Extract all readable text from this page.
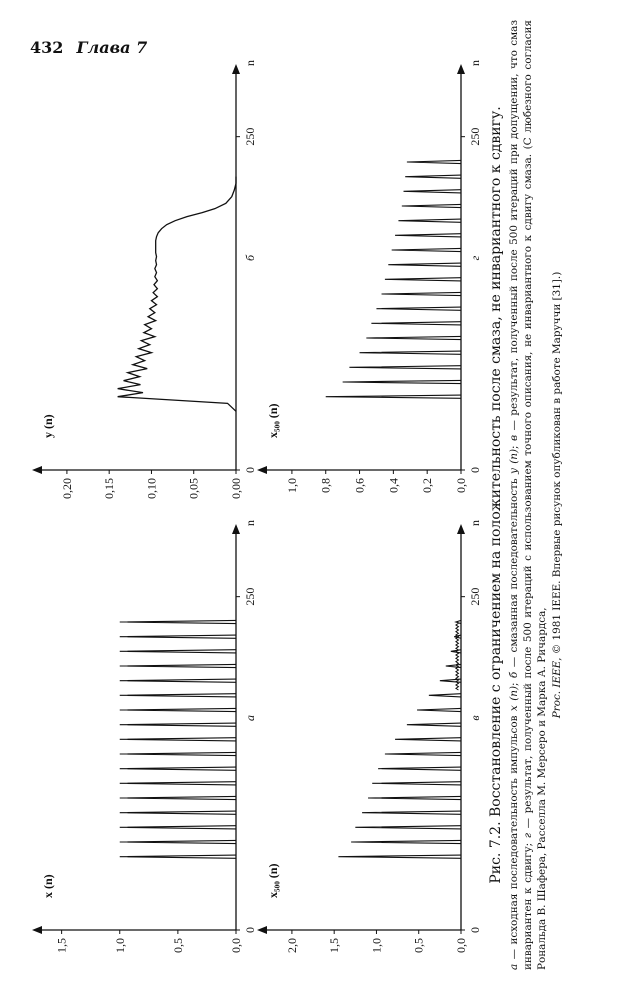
432 Глава 7
0,0
0,5
1,0
1,5
0
250
n
x (n)
a
0,00
0,05
0,10
0,15
0,20
0
250
n
y (n)
б
0,0
0,5
1,0
1,5
2,0
0
250
n
x₅₀₀ (n)
в
0,0
0,2
0,4
0,6
0,8
1,0
0
250
n
x₅₀₀ (n)
г Рис. 7.2. Восстановление с ограничением на положительность после смаза, не инвариантного к сдвигу.
а — исходная последовательность импульсов x (n); б — смазанная последовательность y (n); в — результат, полученный после 500 итераций при допущении, что смаз инвариантен к сдвигу; г — результат, полученный после 500 итераций с использованием точного описания, не инвариантного к сдвигу смаза. (С любезного согласия Рональда В. Шафера, Расселла М. Мерсеро и Марка А. Ричардса, Proc. IEEE, © 1981 IEEE. Впервые рисунок опубликован в работе Маруччи [31].)
